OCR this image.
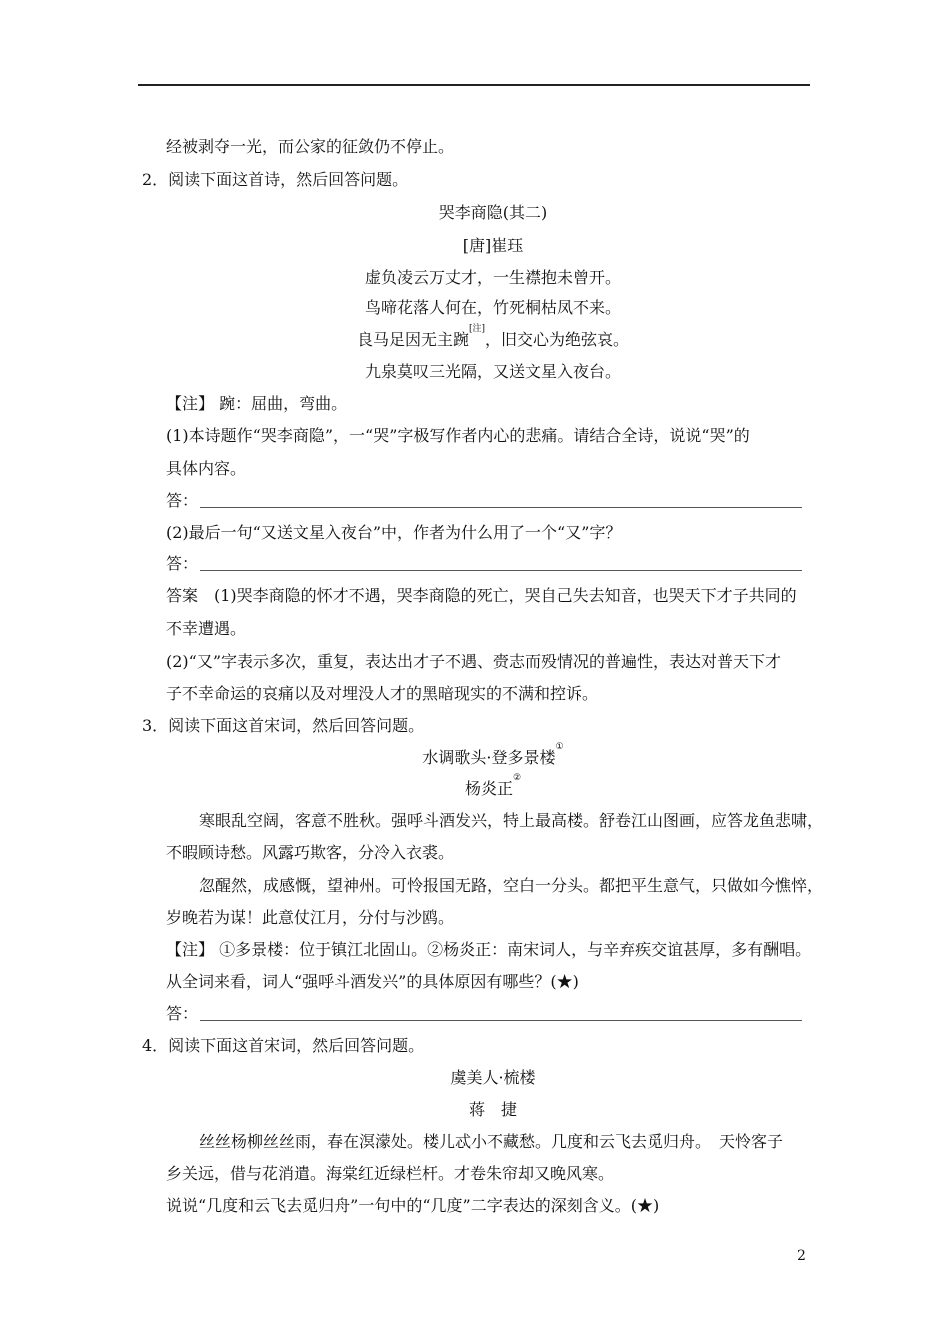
经被剥夺一光，而公家的征敛仍不停止。
2．阅读下面这首诗，然后回答问题。
哭李商隐(其二)
[唐]崔珏
虚负凌云万丈才，一生襟抱未曾开。
鸟啼花落人何在，竹死桐枯凤不来。
良马足因无主踠[注]，旧交心为绝弦哀。
九泉莫叹三光隔，又送文星入夜台。
【注】 踠：屈曲，弯曲。
(1)本诗题作“哭李商隐”，一“哭”字极写作者内心的悲痛。请结合全诗，说说“哭”的
具体内容。
答：
(2)最后一句“又送文星入夜台”中，作者为什么用了一个“又”字？
答：
答案　(1)哭李商隐的怀才不遇，哭李商隐的死亡，哭自己失去知音，也哭天下才子共同的
不幸遭遇。
(2)“又”字表示多次，重复，表达出才子不遇、赍志而殁情况的普遍性，表达对普天下才
子不幸命运的哀痛以及对埋没人才的黑暗现实的不满和控诉。
3．阅读下面这首宋词，然后回答问题。
水调歌头·登多景楼①
杨炎正②
寒眼乱空阔，客意不胜秋。强呼斗酒发兴，特上最高楼。舒卷江山图画，应答龙鱼悲啸，
不暇顾诗愁。风露巧欺客，分冷入衣裘。
忽醒然，成感慨，望神州。可怜报国无路，空白一分头。都把平生意气，只做如今憔悴，
岁晚若为谋！此意仗江月，分付与沙鸥。
【注】 ①多景楼：位于镇江北固山。②杨炎正：南宋词人，与辛弃疾交谊甚厚，多有酬唱。
从全词来看，词人“强呼斗酒发兴”的具体原因有哪些？(★)
答：
4．阅读下面这首宋词，然后回答问题。
虞美人·梳楼
蒋　捷
丝丝杨柳丝丝雨，春在溟濛处。楼儿忒小不藏愁。几度和云飞去觅归舟。　天怜客子
乡关远，借与花消遣。海棠红近绿栏杆。才卷朱帘却又晚风寒。
说说“几度和云飞去觅归舟”一句中的“几度”二字表达的深刻含义。(★)
2
